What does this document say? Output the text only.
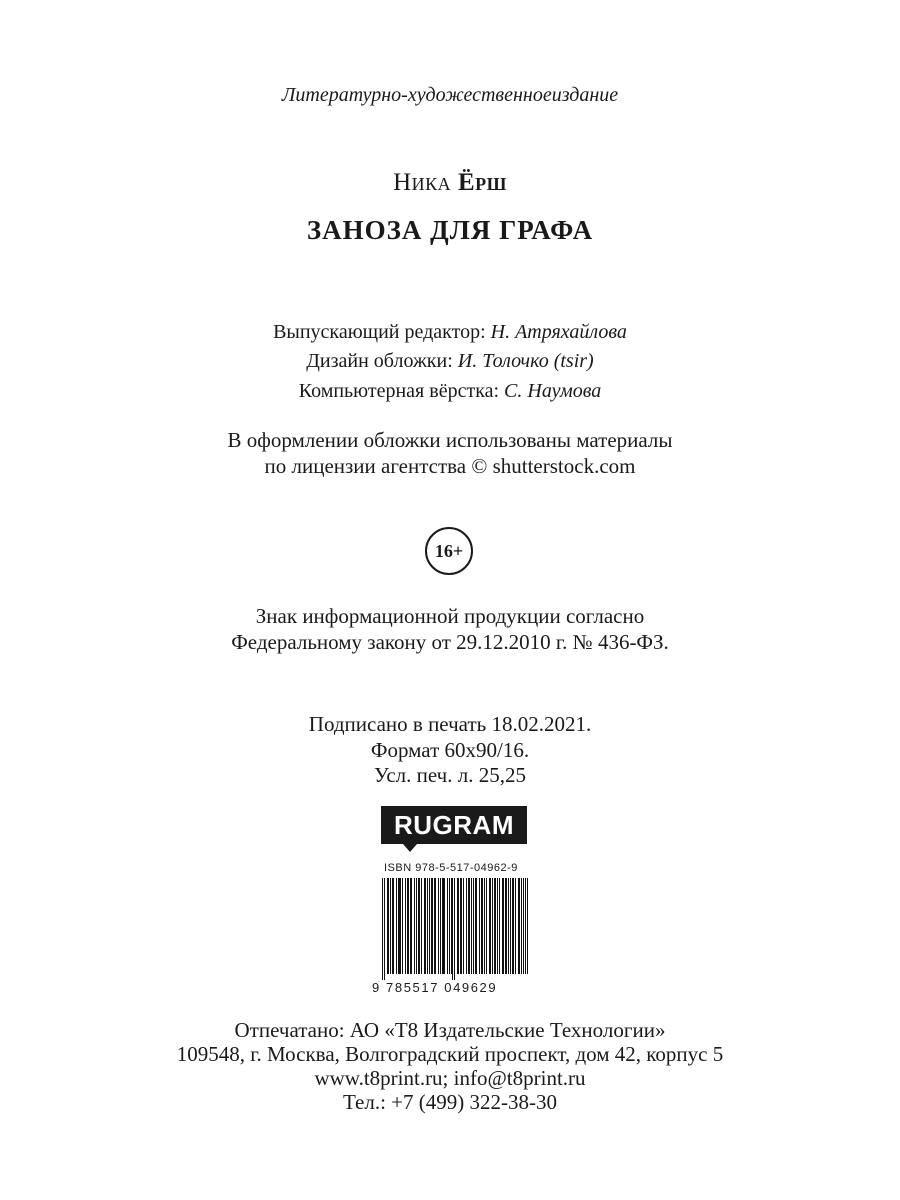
Литературно-художественноеиздание
Ника Ёрш
ЗАНОЗА ДЛЯ ГРАФА
Выпускающий редактор: Н. Атряхайлова
Дизайн обложки: И. Толочко (tsir)
Компьютерная вёрстка: С. Наумова
В оформлении обложки использованы материалы
по лицензии агентства © shutterstock.com
16+
Знак информационной продукции согласно
Федеральному закону от 29.12.2010 г. № 436-ФЗ.
Подписано в печать 18.02.2021.
Формат 60x90/16.
Усл. печ. л. 25,25
RUGRAM
ISBN 978-5-517-04962-9
9 785517 049629
Отпечатано: АО «Т8 Издательские Технологии»
109548, г. Москва, Волгоградский проспект, дом 42, корпус 5
www.t8print.ru; info@t8print.ru
Тел.: +7 (499) 322-38-30
